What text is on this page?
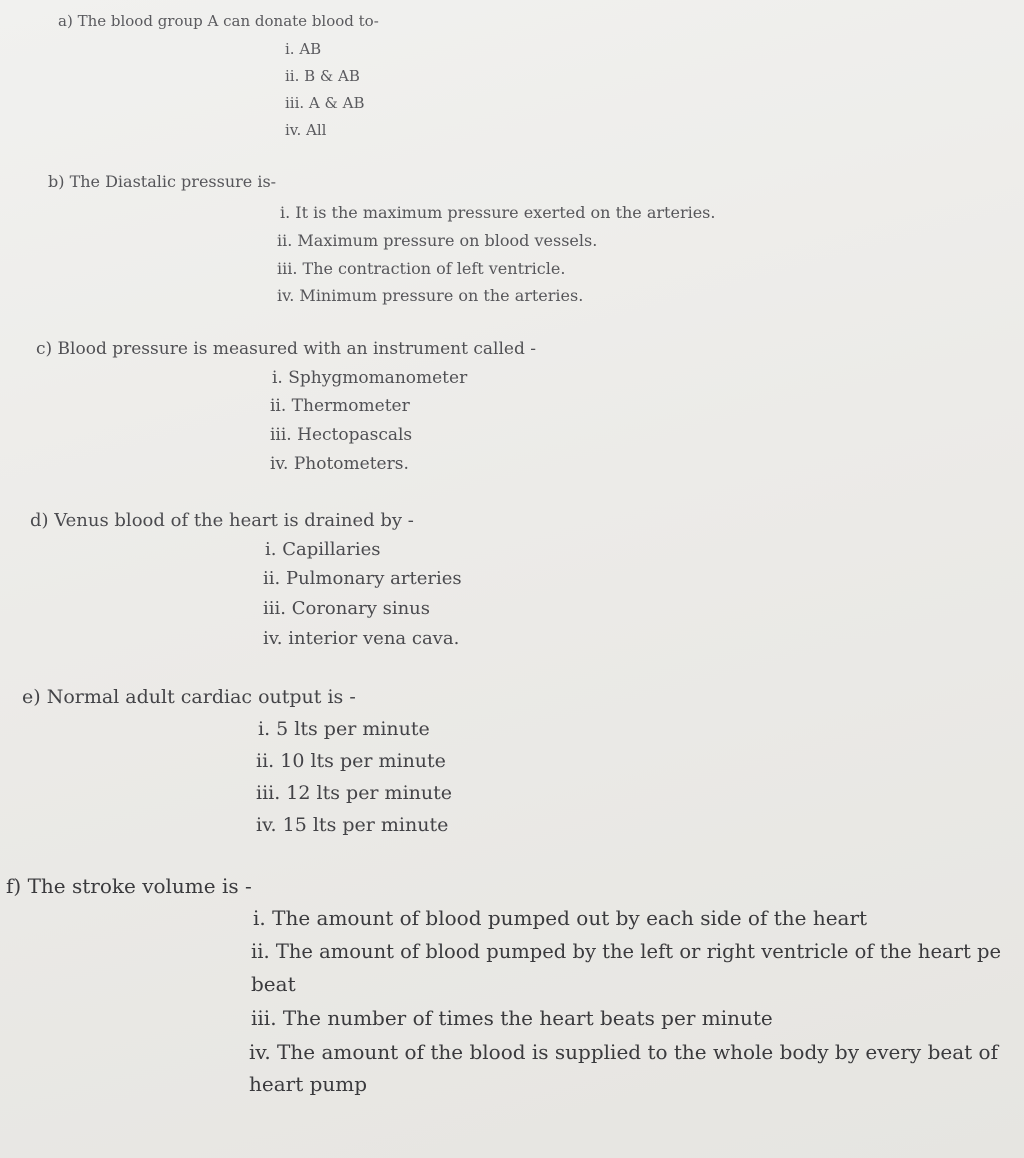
a) The blood group A can donate blood to-
i. AB
ii. B & AB
iii. A & AB
iv. All
b) The Diastalic pressure is-
i. It is the maximum pressure exerted on the arteries.
ii. Maximum pressure on blood vessels.
iii. The contraction of left ventricle.
iv. Minimum pressure on the arteries.
c) Blood pressure is measured with an instrument called -
i. Sphygmomanometer
ii. Thermometer
iii. Hectopascals
iv. Photometers.
d) Venus blood of the heart is drained by -
i. Capillaries
ii. Pulmonary arteries
iii. Coronary sinus
iv. interior vena cava.
e) Normal adult cardiac output is -
i. 5 lts per minute
ii. 10 lts per minute
iii. 12 lts per minute
iv. 15 lts per minute
f) The stroke volume is -
i. The amount of blood pumped out by each side of the heart
ii. The amount of blood pumped by the left or right ventricle of the heart pe
beat
iii. The number of times the heart beats per minute
iv. The amount of the blood is supplied to the whole body by every beat of
heart pump
